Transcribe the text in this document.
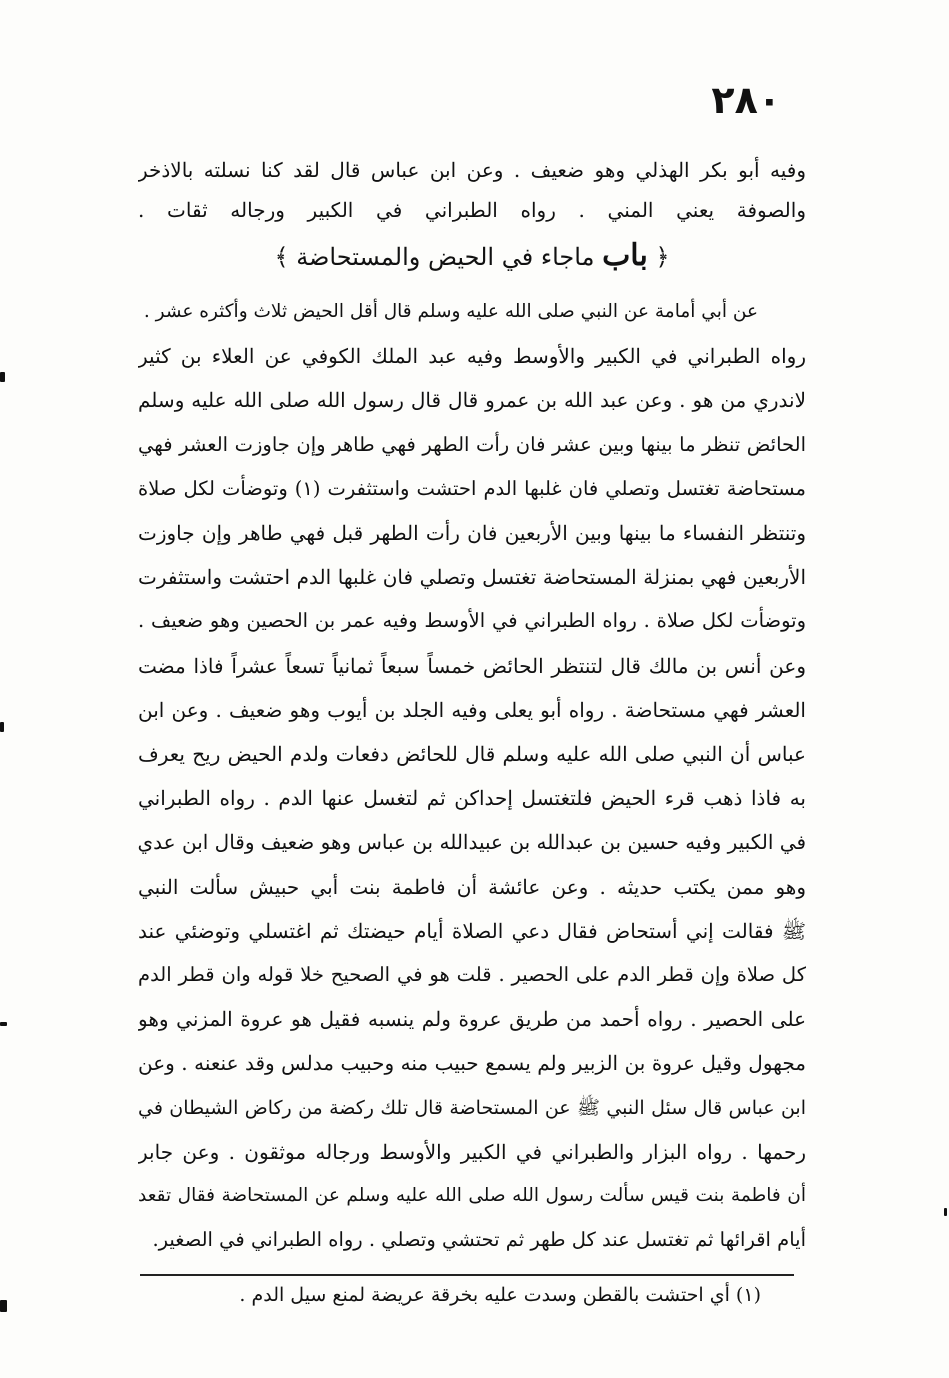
٢٨٠
وفيه أبو بكر الهذلي وهو ضعيف . وعن ابن عباس قال لقد كنا نسلته بالاذخر
والصوفة يعني المني . رواه الطبراني في الكبير ورجاله ثقات .
﴿ باب ماجاء في الحيض والمستحاضة ﴾
عن أبي أمامة عن النبي صلى الله عليه وسلم قال أقل الحيض ثلاث وأكثره عشر .
رواه الطبراني في الكبير والأوسط وفيه عبد الملك الكوفي عن العلاء بن كثير
لاندري من هو . وعن عبد الله بن عمرو قال قال رسول الله صلى الله عليه وسلم
الحائض تنظر ما بينها وبين عشر فان رأت الطهر فهي طاهر وإن جاوزت العشر فهي
مستحاضة تغتسل وتصلي فان غلبها الدم احتشت واستثفرت (١) وتوضأت لكل صلاة
وتنتظر النفساء ما بينها وبين الأربعين فان رأت الطهر قبل فهي طاهر وإن جاوزت
الأربعين فهي بمنزلة المستحاضة تغتسل وتصلي فان غلبها الدم احتشت واستثفرت
وتوضأت لكل صلاة . رواه الطبراني في الأوسط وفيه عمر بن الحصين وهو ضعيف .
وعن أنس بن مالك قال لتنتظر الحائض خمساً سبعاً ثمانياً تسعاً عشراً فاذا مضت
العشر فهي مستحاضة . رواه أبو يعلى وفيه الجلد بن أيوب وهو ضعيف . وعن ابن
عباس أن النبي صلى الله عليه وسلم قال للحائض دفعات ولدم الحيض ريح يعرف
به فاذا ذهب قرء الحيض فلتغتسل إحداكن ثم لتغسل عنها الدم . رواه الطبراني
في الكبير وفيه حسين بن عبدالله بن عبيدالله بن عباس وهو ضعيف وقال ابن عدي
وهو ممن يكتب حديثه . وعن عائشة أن فاطمة بنت أبي حبيش سألت النبي
ﷺ فقالت إني أستحاض فقال دعي الصلاة أيام حيضتك ثم اغتسلي وتوضئي عند
كل صلاة وإن قطر الدم على الحصير . قلت هو في الصحيح خلا قوله وان قطر الدم
على الحصير . رواه أحمد من طريق عروة ولم ينسبه فقيل هو عروة المزني وهو
مجهول وقيل عروة بن الزبير ولم يسمع حبيب منه وحبيب مدلس وقد عنعنه . وعن
ابن عباس قال سئل النبي ﷺ عن المستحاضة قال تلك ركضة من ركاض الشيطان في
رحمها . رواه البزار والطبراني في الكبير والأوسط ورجاله موثقون . وعن جابر
أن فاطمة بنت قيس سألت رسول الله صلى الله عليه وسلم عن المستحاضة فقال تقعد
أيام اقرائها ثم تغتسل عند كل طهر ثم تحتشي وتصلي . رواه الطبراني في الصغير.
(١) أي احتشت بالقطن وسدت عليه بخرقة عريضة لمنع سيل الدم .
